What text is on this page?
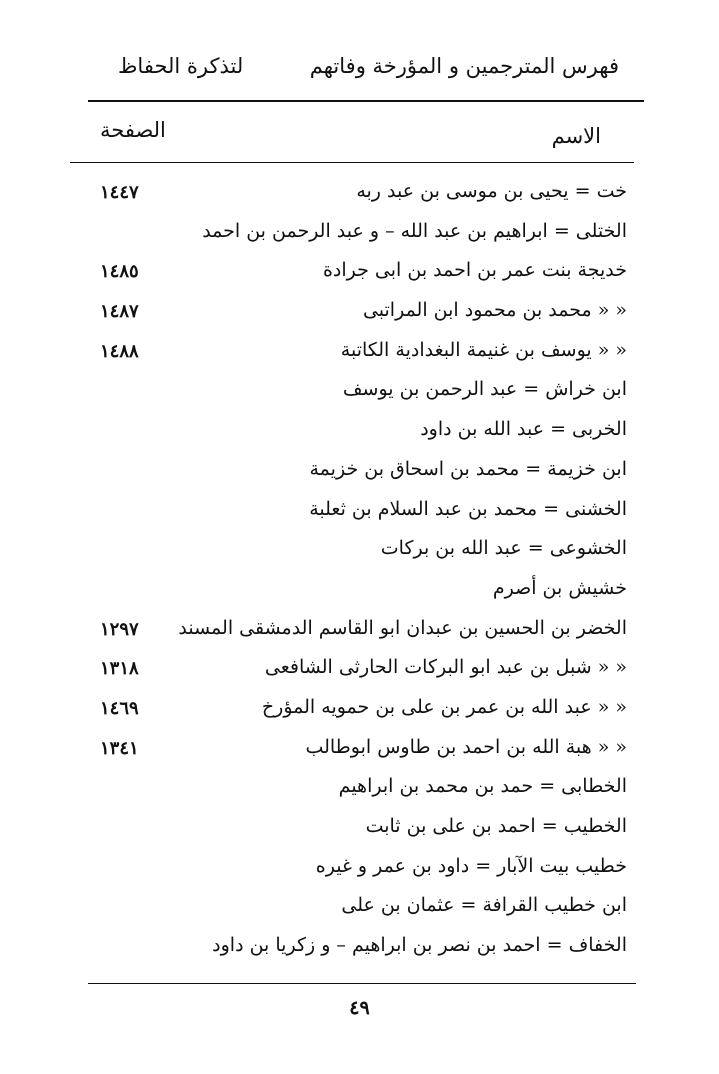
فهرس المترجمين و المؤرخة وفاتهم
لتذكرة الحفاظ
الاسم
الصفحة
خت = يحيى بن موسى بن عبد ربه
١٤٤٧
الختلى = ابراهيم بن عبد الله – و عبد الرحمن بن احمد
خديجة بنت عمر بن احمد بن ابى جرادة
١٤٨٥
« « محمد بن محمود ابن المراتبى
١٤٨٧
« « يوسف بن غنيمة البغدادية الكاتبة
١٤٨٨
ابن خراش = عبد الرحمن بن يوسف
الخربى = عبد الله بن داود
ابن خزيمة = محمد بن اسحاق بن خزيمة
الخشنى = محمد بن عبد السلام بن ثعلبة
الخشوعى = عبد الله بن بركات
خشيش بن أصرم
الخضر بن الحسين بن عبدان ابو القاسم الدمشقى المسند
١٢٩٧
« « شبل بن عبد ابو البركات الحارثى الشافعى
١٣١٨
« « عبد الله بن عمر بن على بن حمويه المؤرخ
١٤٦٩
« « هبة الله بن احمد بن طاوس ابوطالب
١٣٤١
الخطابى = حمد بن محمد بن ابراهيم
الخطيب = احمد بن على بن ثابت
خطيب بيت الآبار = داود بن عمر و غيره
ابن خطيب القرافة = عثمان بن على
الخفاف = احمد بن نصر بن ابراهيم – و زكريا بن داود
٤٩
